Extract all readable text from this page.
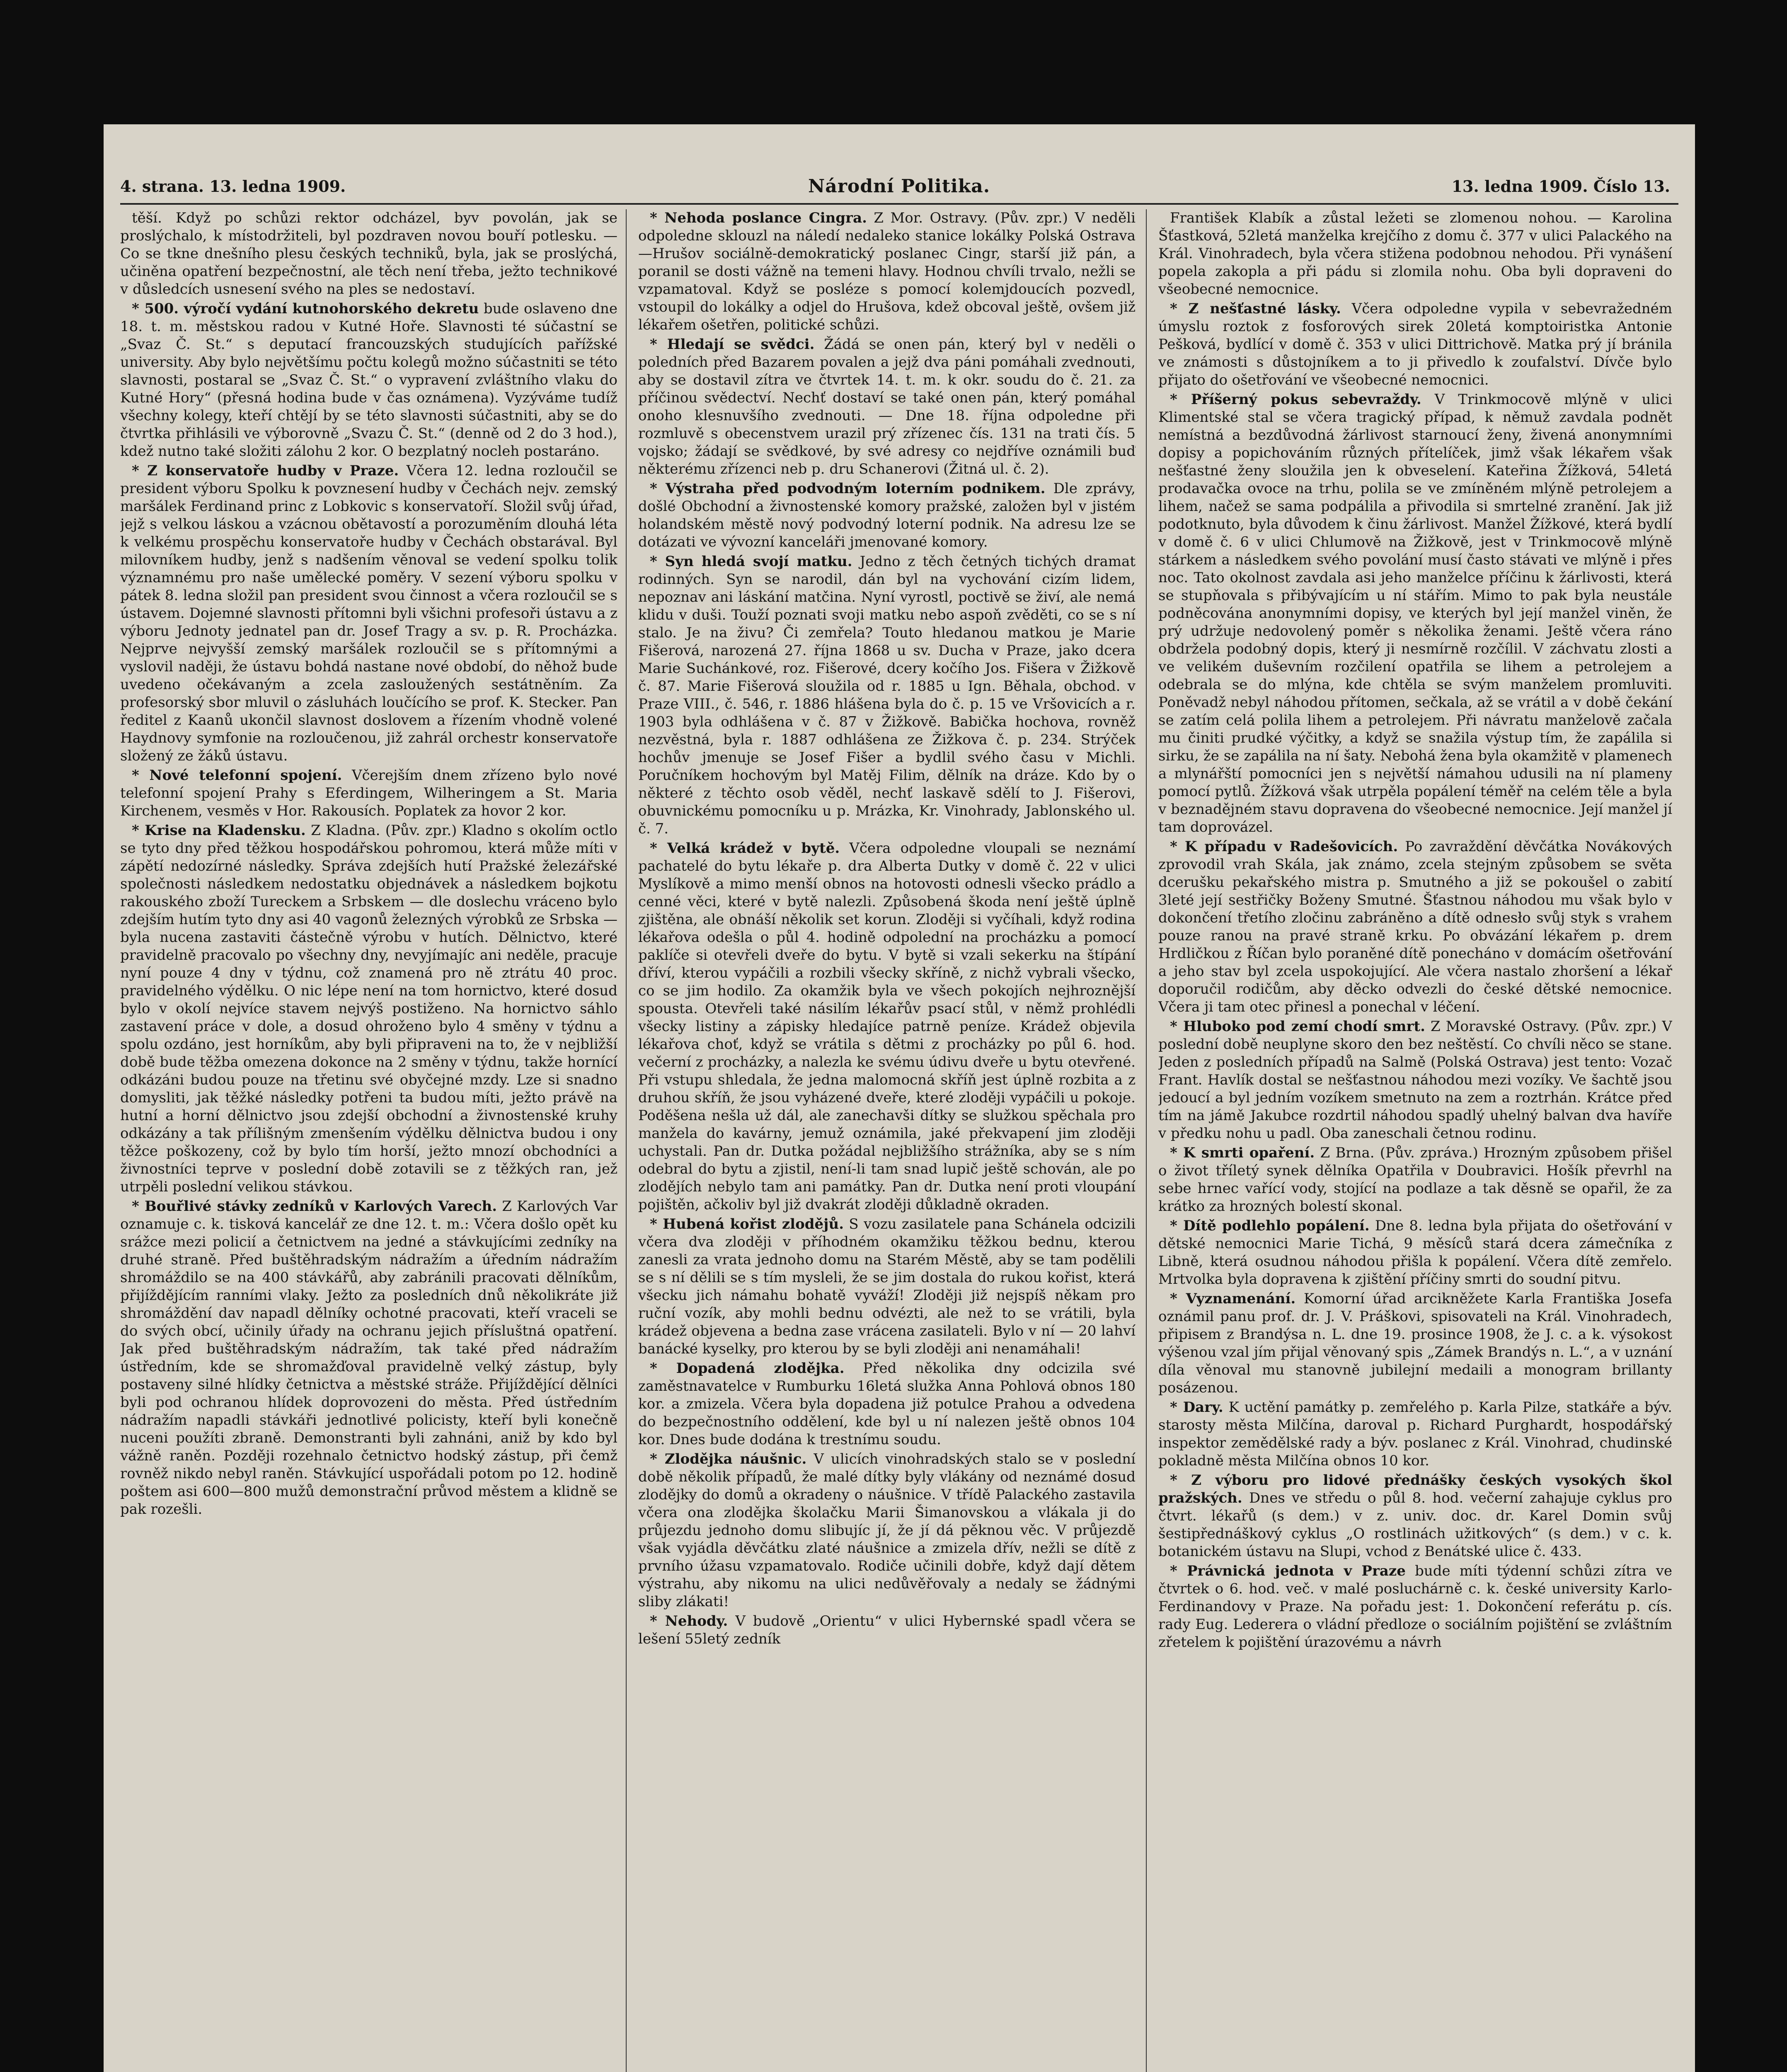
4. strana. 13. ledna 1909.	Národní Politika.	13. ledna 1909. Číslo 13.

těší. Když po schůzi rektor odcházel, byv povolán, jak se proslýchalo, k místodržiteli, byl pozdraven novou bouří potlesku. — Co se tkne dnešního plesu českých techniků, byla, jak se proslýchá, učiněna opatření bezpečnostní, ale těch není třeba, ježto technikové v důsledcích usnesení svého na ples se nedostaví.

* 500. výročí vydání kutnohorského dekretu bude oslaveno dne 18. t. m. městskou radou v Kutné Hoře. Slavnosti té súčastní se „Svaz Č. St.“ s deputací francouzských studujících pařížské university. Aby bylo největšímu počtu kolegů možno súčastniti se této slavnosti, postaral se „Svaz Č. St.“ o vypravení zvláštního vlaku do Kutné Hory“ (přesná hodina bude v čas oznámena). Vyzýváme tudíž všechny kolegy, kteří chtějí by se této slavnosti súčastniti, aby se do čtvrtka přihlásili ve výborovně „Svazu Č. St.“ (denně od 2 do 3 hod.), kdež nutno také složiti zálohu 2 kor. O bezplatný nocleh postaráno.

* Z konservatoře hudby v Praze. Včera 12. ledna rozloučil se president výboru Spolku k povznesení hudby v Čechách nejv. zemský maršálek Ferdinand princ z Lobkovic s konservatoří. Složil svůj úřad, jejž s velkou láskou a vzácnou obětavostí a porozuměním dlouhá léta k velkému prospěchu konservatoře hudby v Čechách obstarával. Byl milovníkem hudby, jenž s nadšením věnoval se vedení spolku tolik významnému pro naše umělecké poměry. V sezení výboru spolku v pátek 8. ledna složil pan president svou činnost a včera rozloučil se s ústavem. Dojemné slavnosti přítomni byli všichni profesoři ústavu a z výboru Jednoty jednatel pan dr. Josef Tragy a sv. p. R. Procházka. Nejprve nejvyšší zemský maršálek rozloučil se s přítomnými a vyslovil naději, že ústavu bohdá nastane nové období, do něhož bude uvedeno očekávaným a zcela zasloužených sestátněním. Za profesorský sbor mluvil o zásluhách loučícího se prof. K. Stecker. Pan ředitel z Kaanů ukončil slavnost doslovem a řízením vhodně volené Haydnovy symfonie na rozloučenou, již zahrál orchestr konservatoře složený ze žáků ústavu.

* Nové telefonní spojení. Včerejším dnem zřízeno bylo nové telefonní spojení Prahy s Eferdingem, Wilheringem a St. Maria Kirchenem, vesměs v Hor. Rakousích. Poplatek za hovor 2 kor.

* Krise na Kladensku. Z Kladna. (Pův. zpr.) Kladno s okolím octlo se tyto dny před těžkou hospodářskou pohromou, která může míti v zápětí nedozírné následky. Správa zdejších hutí Pražské železářské společnosti následkem nedostatku objednávek a následkem bojkotu rakouského zboží Tureckem a Srbskem — dle doslechu vráceno bylo zdejším hutím tyto dny asi 40 vagonů železných výrobků ze Srbska — byla nucena zastaviti částečně výrobu v hutích. Dělnictvo, které pravidelně pracovalo po všechny dny, nevyjímajíc ani neděle, pracuje nyní pouze 4 dny v týdnu, což znamená pro ně ztrátu 40 proc. pravidelného výdělku. O nic lépe není na tom hornictvo, které dosud bylo v okolí nejvíce stavem nejvýš postiženo. Na hornictvo sáhlo zastavení práce v dole, a dosud ohroženo bylo 4 směny v týdnu a spolu ozdáno, jest horníkům, aby byli připraveni na to, že v nejbližší době bude těžba omezena dokonce na 2 směny v týdnu, takže hornící odkázáni budou pouze na třetinu své obyčejné mzdy. Lze si snadno domysliti, jak těžké následky potřeni ta budou míti, ježto právě na hutní a horní dělnictvo jsou zdejší obchodní a živnostenské kruhy odkázány a tak přílišným zmenšením výdělku dělnictva budou i ony těžce poškozeny, což by bylo tím horší, ježto mnozí obchodníci a živnostníci teprve v poslední době zotavili se z těžkých ran, jež utrpěli poslední velikou stávkou.

* Bouřlivé stávky zedníků v Karlových Varech. Z Karlových Var oznamuje c. k. tisková kancelář ze dne 12. t. m.: Včera došlo opět ku srážce mezi policií a četnictvem na jedné a stávkujícími zedníky na druhé straně. Před buštěhradským nádražím a úředním nádražím shromáždilo se na 400 stávkářů, aby zabránili pracovati dělníkům, přijíždějícím ranními vlaky. Ježto za posledních dnů několikráte již shromáždění dav napadl dělníky ochotné pracovati, kteří vraceli se do svých obcí, učinily úřady na ochranu jejich přísluštná opatření. Jak před buštěhradským nádražím, tak také před nádražím ústředním, kde se shromažďoval pravidelně velký zástup, byly postaveny silné hlídky četnictva a městské stráže. Přijíždějící dělníci byli pod ochranou hlídek doprovozeni do města. Před ústředním nádražím napadli stávkáři jednotlivé policisty, kteří byli konečně nuceni použíti zbraně. Demonstranti byli zahnáni, aniž by kdo byl vážně raněn. Později rozehnalo četnictvo hodský zástup, při čemž rovněž nikdo nebyl raněn. Stávkující uspořádali potom po 12. hodině poštem asi 600—800 mužů demonstrační průvod městem a klidně se pak rozešli.

* Nehoda poslance Cingra. Z Mor. Ostravy. (Pův. zpr.) V neděli odpoledne sklouzl na náledí nedaleko stanice lokálky Polská Ostrava—Hrušov sociálně-demokratický poslanec Cingr, starší již pán, a poranil se dosti vážně na temeni hlavy. Hodnou chvíli trvalo, nežli se vzpamatoval. Když se posléze s pomocí kolemjdoucích pozvedl, vstoupil do lokálky a odjel do Hrušova, kdež obcoval ještě, ovšem již lékařem ošetřen, politické schůzi.

* Hledají se svědci. Žádá se onen pán, který byl v neděli o poledních před Bazarem povalen a jejž dva páni pomáhali zvednouti, aby se dostavil zítra ve čtvrtek 14. t. m. k okr. soudu do č. 21. za příčinou svědectví. Nechť dostaví se také onen pán, který pomáhal onoho klesnuvšího zvednouti. — Dne 18. října odpoledne při rozmluvě s obecenstvem urazil prý zřízenec čís. 131 na trati čís. 5 vojsko; žádají se svědkové, by své adresy co nejdříve oznámili buď některému zřízenci neb p. dru Schanerovi (Žitná ul. č. 2).

* Výstraha před podvodným loterním podnikem. Dle zprávy, došlé Obchodní a živnostenské komory pražské, založen byl v jistém holandském městě nový podvodný loterní podnik. Na adresu lze se dotázati ve vývozní kanceláři jmenované komory.

* Syn hledá svojí matku. Jedno z těch četných tichých dramat rodinných. Syn se narodil, dán byl na vychování cizím lidem, nepoznav ani láskání matčina. Nyní vyrostl, poctivě se živí, ale nemá klidu v duši. Touží poznati svoji matku nebo aspoň zvěděti, co se s ní stalo. Je na živu? Či zemřela? Touto hledanou matkou je Marie Fišerová, narozená 27. října 1868 u sv. Ducha v Praze, jako dcera Marie Suchánkové, roz. Fišerové, dcery kočího Jos. Fišera v Žižkově č. 87. Marie Fišerová sloužila od r. 1885 u Ign. Běhala, obchod. v Praze VIII., č. 546, r. 1886 hlášena byla do č. p. 15 ve Vršovicích a r. 1903 byla odhlášena v č. 87 v Žižkově. Babička hochova, rovněž nezvěstná, byla r. 1887 odhlášena ze Žižkova č. p. 234. Strýček hochův jmenuje se Josef Fišer a bydlil svého času v Michli. Poručníkem hochovým byl Matěj Filim, dělník na dráze. Kdo by o některé z těchto osob věděl, nechť laskavě sdělí to J. Fišerovi, obuvnickému pomocníku u p. Mrázka, Kr. Vinohrady, Jablonského ul. č. 7.

* Velká krádež v bytě. Včera odpoledne vloupali se neznámí pachatelé do bytu lékaře p. dra Alberta Dutky v domě č. 22 v ulici Myslíkově a mimo menší obnos na hotovosti odnesli všecko prádlo a cenné věci, které v bytě nalezli. Způsobená škoda není ještě úplně zjištěna, ale obnáší několik set korun. Zloději si vyčíhali, když rodina lékařova odešla o půl 4. hodině odpolední na procházku a pomocí paklíče si otevřeli dveře do bytu. V bytě si vzali sekerku na štípání dříví, kterou vypáčili a rozbili všecky skříně, z nichž vybrali všecko, co se jim hodilo. Za okamžik byla ve všech pokojích nejhroznější spousta. Otevřeli také násilím lékařův psací stůl, v němž prohlédli všecky listiny a zápisky hledajíce patrně peníze. Krádež objevila lékařova choť, když se vrátila s dětmi z procházky po půl 6. hod. večerní z procházky, a nalezla ke svému údivu dveře u bytu otevřené. Při vstupu shledala, že jedna malomocná skříň jest úplně rozbita a z druhou skříň, že jsou vyházené dveře, které zloději vypáčili u pokoje. Poděšena nešla už dál, ale zanechavši dítky se služkou spěchala pro manžela do kavárny, jemuž oznámila, jaké překvapení jim zloději uchystali. Pan dr. Dutka požádal nejbližšího strážníka, aby se s ním odebral do bytu a zjistil, není-li tam snad lupič ještě schován, ale po zlodějích nebylo tam ani památky. Pan dr. Dutka není proti vloupání pojištěn, ačkoliv byl již dvakrát zloději důkladně okraden.

* Hubená kořist zlodějů. S vozu zasilatele pana Schánela odcizili včera dva zloději v příhodném okamžiku těžkou bednu, kterou zanesli za vrata jednoho domu na Starém Městě, aby se tam podělili se s ní dělili se s tím mysleli, že se jim dostala do rukou kořist, která všecku jich námahu bohatě vyváží! Zloději již nejspíš někam pro ruční vozík, aby mohli bednu odvézti, ale než to se vrátili, byla krádež objevena a bedna zase vrácena zasilateli. Bylo v ní — 20 lahví banácké kyselky, pro kterou by se byli zloději ani nenamáhali!

* Dopadená zlodějka. Před několika dny odcizila své zaměstnavatelce v Rumburku 16letá služka Anna Pohlová obnos 180 kor. a zmizela. Včera byla dopadena již potulce Prahou a odvedena do bezpečnostního oddělení, kde byl u ní nalezen ještě obnos 104 kor. Dnes bude dodána k trestnímu soudu.

* Zlodějka náušnic. V ulicích vinohradských stalo se v poslední době několik případů, že malé dítky byly vlákány od neznámé dosud zlodějky do domů a okradeny o náušnice. V třídě Palackého zastavila včera ona zlodějka školačku Marii Šimanovskou a vlákala ji do průjezdu jednoho domu slibujíc jí, že jí dá pěknou věc. V průjezdě však vyjádla děvčátku zlaté náušnice a zmizela dřív, nežli se dítě z prvního úžasu vzpamatovalo. Rodiče učinili dobře, když dají dětem výstrahu, aby nikomu na ulici nedůvěřovaly a nedaly se žádnými sliby zlákati!

* Nehody. V budově „Orientu“ v ulici Hybernské spadl včera se lešení 55letý zedník

František Klabík a zůstal ležeti se zlomenou nohou. — Karolina Šťastková, 52letá manželka krejčího z domu č. 377 v ulici Palackého na Král. Vinohradech, byla včera stižena podobnou nehodou. Při vynášení popela zakopla a při pádu si zlomila nohu. Oba byli dopraveni do všeobecné nemocnice.

* Z nešťastné lásky. Včera odpoledne vypila v sebevražedném úmyslu roztok z fosforových sirek 20letá komptoiristka Antonie Pešková, bydlící v domě č. 353 v ulici Dittrichově. Matka prý jí bránila ve známosti s důstojníkem a to ji přivedlo k zoufalství. Dívče bylo přijato do ošetřování ve všeobecné nemocnici.

* Příšerný pokus sebevraždy. V Trinkmocově mlýně v ulici Klimentské stal se včera tragický případ, k němuž zavdala podnět nemístná a bezdůvodná žárlivost starnoucí ženy, živená anonymními dopisy a popichováním různých přítelíček, jimž však lékařem však nešťastné ženy sloužila jen k obveselení. Kateřina Žížková, 54letá prodavačka ovoce na trhu, polila se ve zmíněném mlýně petrolejem a lihem, načež se sama podpálila a přivodila si smrtelné zranění. Jak již podotknuto, byla důvodem k činu žárlivost. Manžel Žížkové, která bydlí v domě č. 6 v ulici Chlumově na Žižkově, jest v Trinkmocově mlýně stárkem a následkem svého povolání musí často stávati ve mlýně i přes noc. Tato okolnost zavdala asi jeho manželce příčinu k žárlivosti, která se stupňovala s přibývajícím u ní stářím. Mimo to pak byla neustále podněcována anonymními dopisy, ve kterých byl její manžel viněn, že prý udržuje nedovolený poměr s několika ženami. Ještě včera ráno obdržela podobný dopis, který ji nesmírně rozčílil. V záchvatu zlosti a ve velikém duševním rozčilení opatřila se lihem a petrolejem a odebrala se do mlýna, kde chtěla se svým manželem promluviti. Poněvadž nebyl náhodou přítomen, sečkala, až se vrátil a v době čekání se zatím celá polila lihem a petrolejem. Při návratu manželově začala mu činiti prudké výčitky, a když se snažila výstup tím, že zapálila si sirku, že se zapálila na ní šaty. Nebohá žena byla okamžitě v plamenech a mlynářští pomocníci jen s největší námahou udusili na ní plameny pomocí pytlů. Žížková však utrpěla popálení téměř na celém těle a byla v beznadějném stavu dopravena do všeobecné nemocnice. Její manžel jí tam doprovázel.

* K případu v Radešovicích. Po zavraždění děvčátka Novákových zprovodil vrah Skála, jak známo, zcela stejným způsobem se světa dcerušku pekařského mistra p. Smutného a již se pokoušel o zabití 3leté její sestřičky Boženy Smutné. Šťastnou náhodou mu však bylo v dokončení třetího zločinu zabráněno a dítě odnesło svůj styk s vrahem pouze ranou na pravé straně krku. Po obvázání lékařem p. drem Hrdličkou z Říčan bylo poraněné dítě ponecháno v domácím ošetřování a jeho stav byl zcela uspokojující. Ale včera nastalo zhoršení a lékař doporučil rodičům, aby děcko odvezli do české dětské nemocnice. Včera ji tam otec přinesl a ponechal v léčení.

* Hluboko pod zemí chodí smrt. Z Moravské Ostravy. (Pův. zpr.) V poslední době neuplyne skoro den bez neštěstí. Co chvíli něco se stane. Jeden z posledních případů na Salmě (Polská Ostrava) jest tento: Vozač Frant. Havlík dostal se nešťastnou náhodou mezi vozíky. Ve šachtě jsou jedoucí a byl jedním vozíkem smetnuto na zem a roztrhán. Krátce před tím na jámě Jakubce rozdrtil náhodou spadlý uhelný balvan dva havíře v předku nohu u padl. Oba zaneschali četnou rodinu.

* K smrti opaření. Z Brna. (Pův. zpráva.) Hrozným způsobem přišel o život tříletý synek dělníka Opatřila v Doubravici. Hošík převrhl na sebe hrnec vařící vody, stojící na podlaze a tak děsně se opařil, že za krátko za hrozných bolestí skonal.

* Dítě podlehlo popálení. Dne 8. ledna byla přijata do ošetřování v dětské nemocnici Marie Tichá, 9 měsíců stará dcera zámečníka z Libně, která osudnou náhodou přišla k popálení. Včera dítě zemřelo. Mrtvolka byla dopravena k zjištění příčiny smrti do soudní pitvu.

* Vyznamenání. Komorní úřad arcikněžete Karla Františka Josefa oznámil panu prof. dr. J. V. Práškovi, spisovateli na Král. Vinohradech, připisem z Brandýsa n. L. dne 19. prosince 1908, že J. c. a k. výsokost výšenou vzal jím přijal věnovaný spis „Zámek Brandýs n. L.“, a v uznání díla věnoval mu stanovně jubilejní medaili a monogram brillanty posázenou.

* Dary. K uctění památky p. zemřelého p. Karla Pilze, statkáře a býv. starosty města Milčína, daroval p. Richard Purghardt, hospodářský inspektor zemědělské rady a býv. poslanec z Král. Vinohrad, chudinské pokladně města Milčína obnos 10 kor.

* Z výboru pro lidové přednášky českých vysokých škol pražských. Dnes ve středu o půl 8. hod. večerní zahajuje cyklus pro čtvrt. lékařů (s dem.) v z. univ. doc. dr. Karel Domin svůj šestipřednáškový cyklus „O rostlinách užitkových“ (s dem.) v c. k. botanickém ústavu na Slupi, vchod z Benátské ulice č. 433.

* Právnická jednota v Praze bude míti týdenní schůzi zítra ve čtvrtek o 6. hod. več. v malé posluchárně c. k. české university Karlo-Ferdinandovy v Praze. Na pořadu jest: 1. Dokončení referátu p. cís. rady Eug. Lederera o vládní předloze o sociálním pojištění se zvláštním zřetelem k pojištění úrazovému a návrh
